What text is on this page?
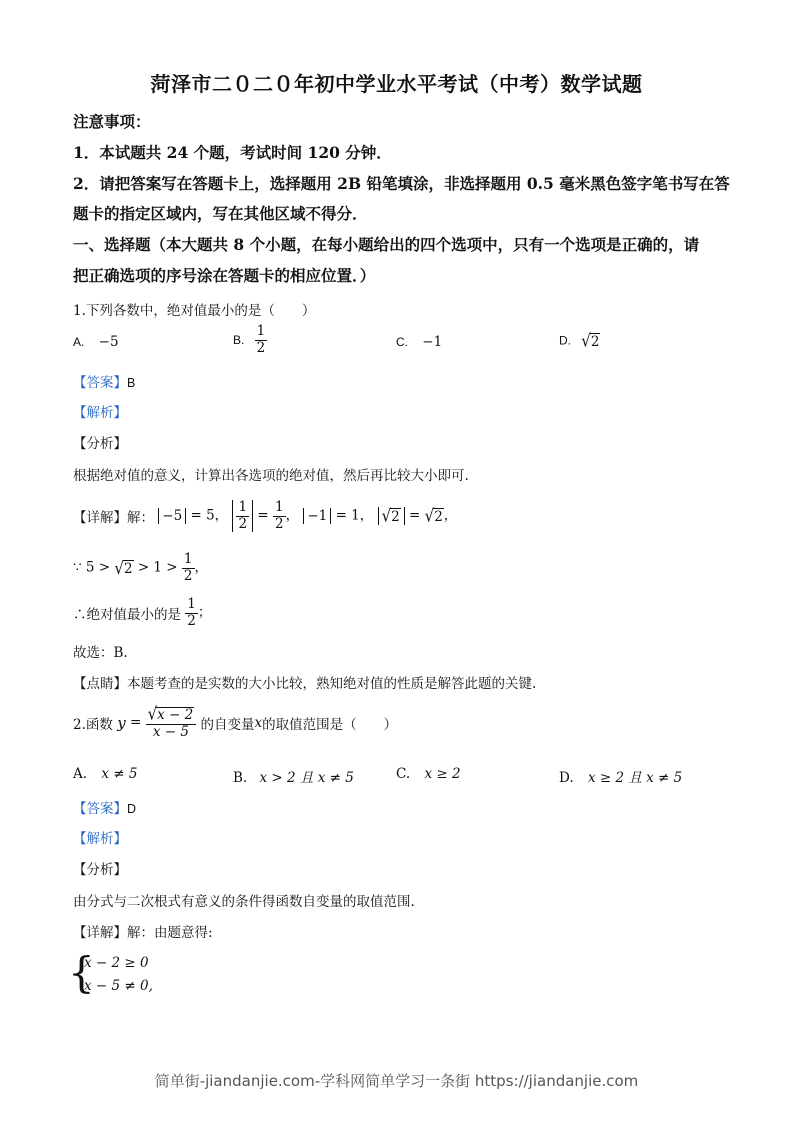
菏泽市二０二０年初中学业水平考试（中考）数学试题
注意事项：
1．本试题共 24 个题，考试时间 120 分钟．
2．请把答案写在答题卡上，选择题用 2B 铅笔填涂，非选择题用 0.5 毫米黑色签字笔书写在答
题卡的指定区域内，写在其他区域不得分．
一、选择题（本大题共 8 个小题，在每小题给出的四个选项中，只有一个选项是正确的，请
把正确选项的序号涂在答题卡的相应位置．）
1.下列各数中，绝对值最小的是（　　）
A. −5	B. $\frac{1}{2}$	C. −1	D. √2
【答案】B
【解析】
【分析】
根据绝对值的意义，计算出各选项的绝对值，然后再比较大小即可.
【详解】解： −5 = 5， $\frac{1}{2} = \frac{1}{2}$ ， −1 = 1， √2 = √2，
∵ $5 > √2 > 1 > \frac{1}{2}$ ，
∴绝对值最小的是 $\frac{1}{2}$ ；
故选：B.
【点睛】本题考查的是实数的大小比较，熟知绝对值的性质是解答此题的关键.
2.函数 $y = \frac{√x - 2}{x - 5}$ 的自变量x的取值范围是（　　）
A. x ≠ 5	B. x > 2 且 x ≠ 5	C. x ≥ 2	D. x ≥ 2 且 x ≠ 5
【答案】D
【解析】
【分析】
由分式与二次根式有意义的条件得函数自变量的取值范围.
【详解】解：由题意得:
{
x − 2 ≥ 0
x − 5 ≠ 0,
简单街-jiandanjie.com-学科网简单学习一条街 https://jiandanjie.com
